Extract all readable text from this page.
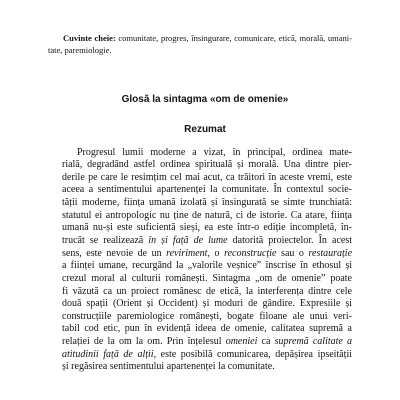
Cuvinte cheie: comunitate, progres, însingurare, comunicare, etică, morală, umani-
tate, paremiologie.
Glosă la sintagma «om de omenie»
Rezumat
Progresul lumii moderne a vizat, în principal, ordinea mate-
rială, degradând astfel ordinea spirituală și morală. Una dintre pier-
derile pe care le resimțim cel mai acut, ca trăitori în aceste vremi, este
aceea a sentimentului apartenenței la comunitate. În contextul socie-
tății moderne, ființa umană izolată și însingurată se simte trunchiată:
statutul ei antropologic nu ține de natură, ci de istorie. Ca atare, ființa
umană nu-și este suficientă sieși, ea este într-o ediție incompletă, în-
trucât se realizează în și față de lume datorită proiectelor. În acest
sens, este nevoie de un reviriment, o reconstrucție sau o restaurație
a ființei umane, recurgând la „valorile veșnice” înscrise în ethosul și
crezul moral al culturii românești. Sintagma „om de omenie” poate
fi văzută ca un proiect românesc de etică, la interferența dintre cele
două spații (Orient și Occident) și moduri de gândire. Expresiile și
construcțiile paremiologice românești, bogate filoane ale unui veri-
tabil cod etic, pun în evidență ideea de omenie, calitatea supremă a
relației de la om la om. Prin înțelesul omeniei ca supremă calitate a
atitudinii față de alții, este posibilă comunicarea, depășirea ipseității
și regăsirea sentimentului apartenenței la comunitate.
